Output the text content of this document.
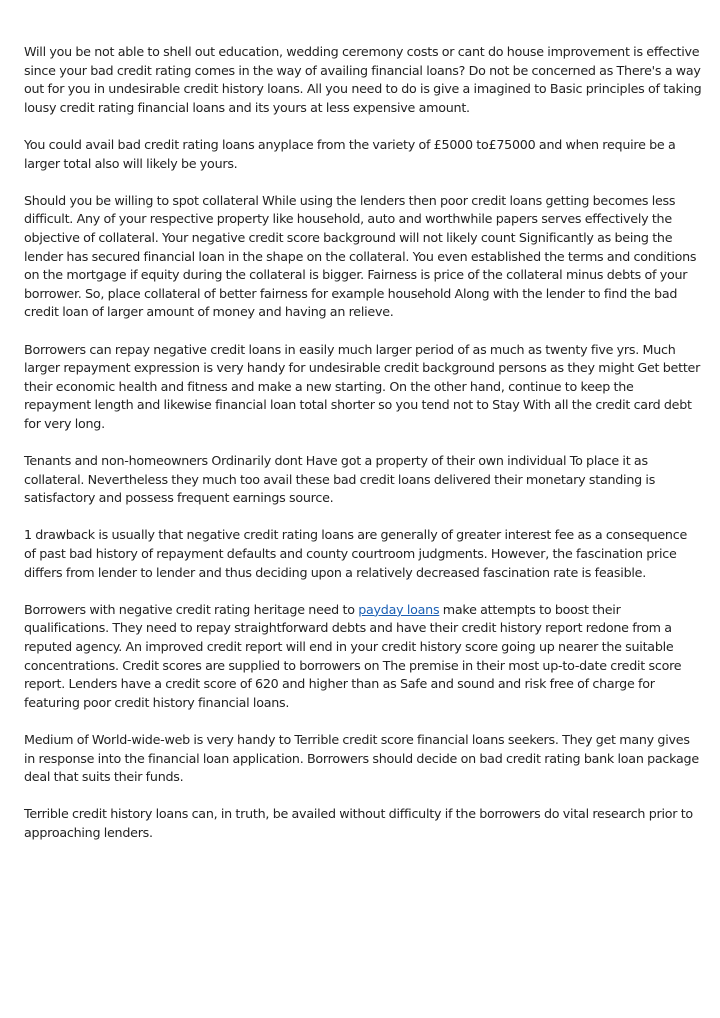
Will you be not able to shell out education, wedding ceremony costs or cant do house improvement is effective since your bad credit rating comes in the way of availing financial loans? Do not be concerned as There's a way out for you in undesirable credit history loans. All you need to do is give a imagined to Basic principles of taking lousy credit rating financial loans and its yours at less expensive amount.

You could avail bad credit rating loans anyplace from the variety of £5000 to£75000 and when require be a larger total also will likely be yours.

Should you be willing to spot collateral While using the lenders then poor credit loans getting becomes less difficult. Any of your respective property like household, auto and worthwhile papers serves effectively the objective of collateral. Your negative credit score background will not likely count Significantly as being the lender has secured financial loan in the shape on the collateral. You even established the terms and conditions on the mortgage if equity during the collateral is bigger. Fairness is price of the collateral minus debts of your borrower. So, place collateral of better fairness for example household Along with the lender to find the bad credit loan of larger amount of money and having an relieve.

Borrowers can repay negative credit loans in easily much larger period of as much as twenty five yrs. Much larger repayment expression is very handy for undesirable credit background persons as they might Get better their economic health and fitness and make a new starting. On the other hand, continue to keep the repayment length and likewise financial loan total shorter so you tend not to Stay With all the credit card debt for very long.

Tenants and non-homeowners Ordinarily dont Have got a property of their own individual To place it as collateral. Nevertheless they much too avail these bad credit loans delivered their monetary standing is satisfactory and possess frequent earnings source.

1 drawback is usually that negative credit rating loans are generally of greater interest fee as a consequence of past bad history of repayment defaults and county courtroom judgments. However, the fascination price differs from lender to lender and thus deciding upon a relatively decreased fascination rate is feasible.

Borrowers with negative credit rating heritage need to payday loans make attempts to boost their qualifications. They need to repay straightforward debts and have their credit history report redone from a reputed agency. An improved credit report will end in your credit history score going up nearer the suitable concentrations. Credit scores are supplied to borrowers on The premise in their most up-to-date credit score report. Lenders have a credit score of 620 and higher than as Safe and sound and risk free of charge for featuring poor credit history financial loans.

Medium of World-wide-web is very handy to Terrible credit score financial loans seekers. They get many gives in response into the financial loan application. Borrowers should decide on bad credit rating bank loan package deal that suits their funds.

Terrible credit history loans can, in truth, be availed without difficulty if the borrowers do vital research prior to approaching lenders.
